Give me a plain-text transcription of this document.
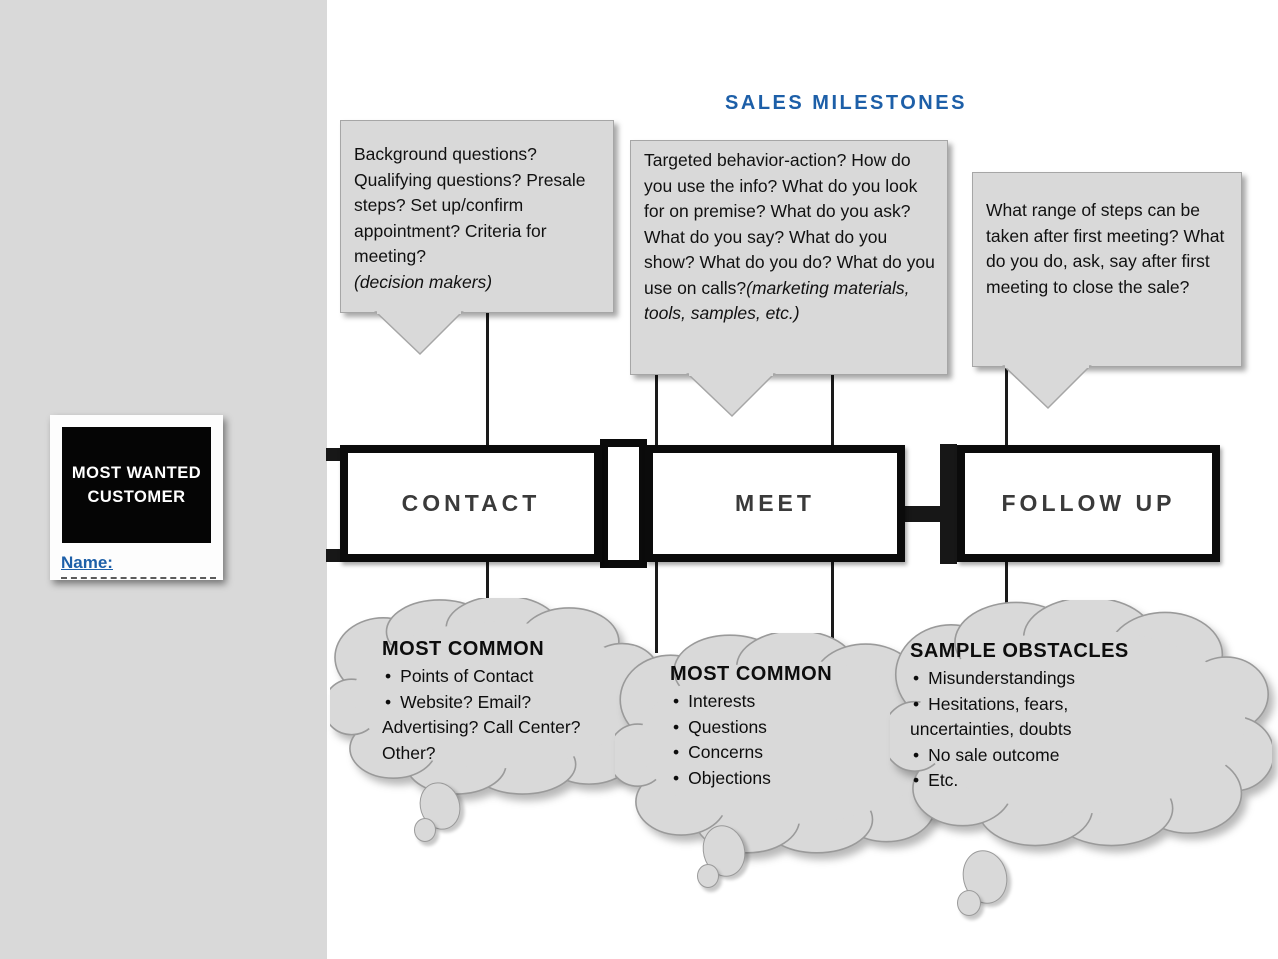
MOST WANTED CUSTOMER
Name:
SALES MILESTONES
Background questions? Qualifying questions? Presale steps? Set up/confirm appointment? Criteria for meeting?
(decision makers)
Targeted behavior-action? How do you use the info? What do you look for on premise? What do you ask? What do you say? What do you show? What do you do? What do you use on calls?(marketing materials, tools, samples, etc.)
What range of steps can be taken after first meeting? What do you do, ask, say after first meeting to close the sale?
CONTACT	MEET	FOLLOW UP
MOST COMMON
• Points of Contact
• Website? Email? Advertising? Call Center? Other?
MOST COMMON
• Interests
• Questions
• Concerns
• Objections
SAMPLE OBSTACLES
• Misunderstandings
• Hesitations, fears, uncertainties, doubts
• No sale outcome
• Etc.
